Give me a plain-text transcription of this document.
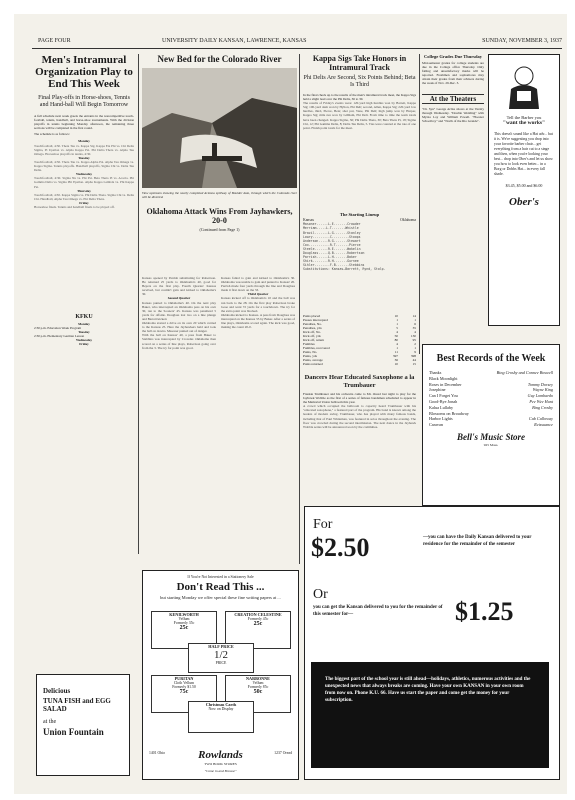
PAGE FOUR	UNIVERSITY DAILY KANSAN, LAWRENCE, KANSAS	SUNDAY, NOVEMBER 3, 1937
Men's Intramural Organization Play to End This Week
Final Play-offs in Horse-shoes, Tennis and Hand-ball Will Begin Tomorrow
A full schedule next week greets the entrants in the noncompetitive touch-football, tennis, handball, and horse-shoe tournaments. With the division playoffs in tennis beginning Monday afternoon, the remaining three sections will be completed in the first round.
The schedule is as follows:
Monday
Touchfootball, 4:30. Theta Tau vs. Kappa Sig. Kappa Eta Phi vs. Chi Delta Sigma, Pi Upsilon vs. Alpha Kappa Psi. Phi Delta Theta vs. Alpha Tau Omega. Horseshoe playoffs in tennis, 4:30.
Tuesday
Touchfootball, 4:30. Theta Tau vs. Kappa Alpha Psi. Alpha Tau Omega vs. Kappa Sigma. Tennis playoffs. Handball playoffs, Sigma Chi vs. Delta Tau Delta.
Wednesday
Touchfootball, 4:30. Sigma Nu vs. Phi Psi. Beta Theta Pi vs. Acacia. Phi Gamma Delta vs. Sigma Phi Epsilon. Alpha Kappa Lambda vs. Phi Kappa Psi.
Thursday
Touchfootball, 4:30. Kappa Sigma vs. Phi Delta Theta. Sigma Chi vs. Delta Chi. Handball, Alpha Tau Omega vs. Phi Delta Theta.
Friday
Horseshoe finals. Tennis and handball finals to be played off.
KFKU
Monday
2:30 p.m. Education Week Program
Tuesday
2:30 p.m. Elementary German Lesson
Wednesday
Friday
Delicious
TUNA FISH and EGG SALAD
at the
Union Fountain
New Bed for the Colorado River
View upstream showing the nearly completed Arizona spillway of Boulder dam, through which the Colorado river will be diverted.
Oklahoma Attack Wins From Jayhawkers, 20-0
(Continued from Page 1)
Kansas opened by Parrish substituting for Robertson. He returned 25 yards to Oklahoma's 40, good for Beyers on the first play. Fourth Quarter: Kansas received, but couldn't gain and kicked to Oklahoma's 30.
Second Quarter
Kansas punted to Oklahoma's 40. On the next play Baker, who intercepted an Oklahoma pass on his own 30, ran to the Sooners' 45. Kansas was penalized 5 yards for offside. Douglass lost two on a line plunge and Barrett kicked.
Oklahoma started a drive on its own 20 which carried to the Kansas 25. Here the Jayhawkers held and took the ball on downs. Masoner punted out of danger.
With the ball on Kansas' 40, a pass from Baker to Stebbins was intercepted by Crowder. Oklahoma then scored on a series of line plays, Robertson going over from the 3. The try for point was good.
Kansas failed to gain and kicked to Oklahoma's 30. Oklahoma was unable to gain and punted to Kansas' 20. Parrish made four yards through the line and Douglass made it first down on the 33.
Third Quarter
Kansas kicked off to Oklahoma's 10 and the ball was run back to the 28. On the first play Robertson broke loose and went 72 yards for a touchdown. The try for the extra point was blocked.
Oklahoma kicked to Kansas. A pass from Douglass was intercepted on the Kansas 35 by Baker. After a series of line plays, Oklahoma scored again. The kick was good, making the count 20-0.
Kappa Sigs Take Honors in Intramural Track
Phi Delts Are Second, Six Points Behind; Beta Is Third
In the final check up to the results of the men's intramural track meet, the Kappa Sigs held a slight lead over the Phi Delts, 36 to 30.
The results of Friday's events were: 120-yard high hurdles won by Barrett, Kappa Sig; 100-yard dash won by Hylton, Phi Delt; second, Allen, Kappa Sig; 220-yard low hurdles, third, Pierce, Beta; shot put, Vane, Phi Delt; high jump won by Harper, Kappa Sig; mile run won by Gillham, Phi Delt. From time to time the team totals have been changed. Kappa Sigma, 36; Phi Delta Theta, 30; Beta Theta Pi, 18; Sigma Chi, 12; Phi Gamma Delta, 8; Delta Tau Delta, 5. Ties were counted at the rate of one point. Finish point totals for the meet.
The Starting Lineup
Kansas	Oklahoma
Masoner......L.E.......Crowder
Merriam.....L.T.......Whistle
Brazil.......L.G.......Stanley
Lowry.........C.........Stoops
Anderson.....R.G.......Stewart
Cox...........R.T.......Pierce
Steele.......R.E.......Wakelin
Douglass.....Q.B.......Robertson
Parrish......L.H.......Baker
Shirk........R.H.......Gurnee
Sihler........F.B.......Stebbins
Substitutions: Kansas—Barrett, Rynd, Stolp.
Punts placed	10	14
Passes intercepted	1	1
Penalties, No.	1	6
Penalties, yds	5	35
Kick off, No.	4	4
Kick off, yds	50	130
Kick off, return	80	95
Fumbles	4	2
Fumbles, recovered	1	1
Punts, No.	11	9
Punts, yds	397	398
Punts, average	36	44
Punts returned	10	15
Dancers Hear Educated Saxophone a la Trumbauer
Frankie Trumbauer and his orchestra came to Mt. Oread last night to play for the Jayhawk Wobble as the first of a series of famous bandsmen scheduled to appear in the Memorial Union ballroom this year.
A crowd which occupied the ballroom to capacity heard Trumbauer with his "educated saxophone," a featured part of the program. His band is known among the leaders of modern swing. Trumbauer, who has played with many famous bands, including that of Paul Whiteman, was featured in solos throughout the evening. The floor was crowded during the second intermission. The next dance in the Jayhawk Wobble series will be announced soon by the committee.
College Grades Due Thursday
Mid-semester grades for college students are due in the College office Thursday. Only failing and unsatisfactory marks will be reported. Freshmen and sophomores may obtain their grades from their advisers during the week of Nov. 29-Dec. 3.
At the Theaters
"Dr. Syn" George Arliss shows at the Varsity through Wednesday. "Double Wedding" with Myrna Loy and William Powell. "Hoosier Schoolboy" and "North of the Rio Grande".
Tell the Barber you
"want the works"
This doesn't sound like a Hat adv... but it is. We're suggesting you drop into your favorite barber chair... get everything from a hair cut to a singe and then, when you're looking your best... drop into Ober's and let us show you how to look even better... in a Borg or Dobbs Hat... in every fall shade.
$3.45, $5.00 and $6.00
Ober's
Best Records of the Week
Thanks	Bing Crosby and Connee Boswell
Black Moonlight
Roses in December	Tommy Dorsey
Josephine	Wayne King
Can I Forget You	Guy Lombardo
Good-Bye Jonah	Pee Wee Hunt
Kalua Lullaby	Bing Crosby
Blossoms on Broadway
Harbor Lights	Cab Calloway
Caravan	Reissuance
Bell's Music Store
925 Mass.
For
$2.50	—you can have the Daily Kansan delivered to your residence for the remainder of the semester
Or
you can get the Kansan delivered to you for the remainder of this semester for—	$1.25
The biggest part of the school year is still ahead—holidays, athletics, numerous activities and the unexpected news that always breaks are coming. Have your own KANSAN in your own room from now on. Phone K.U. 66. Have us start the paper and come get the money for your subscription.
If You're Not Interested in a Stationery Sale
Don't Read This ...
but starting Monday we offer special these fine writing papers at ...
KENILWORTH
Vellum
Formerly 35c
25c
CREATION CELESTINE
Formerly 45c
25c
PURITAN
Cloth Vellum
Formerly $1.50
75c
NARBONNE
Vellum
Formerly 85c
50c
HALF PRICE
1/2
PRICE
Christmas Cards
Now on Display
Rowlands
TWO BOOK STORES
1401 Ohio	1237 Oread
"Come in and Browse"
